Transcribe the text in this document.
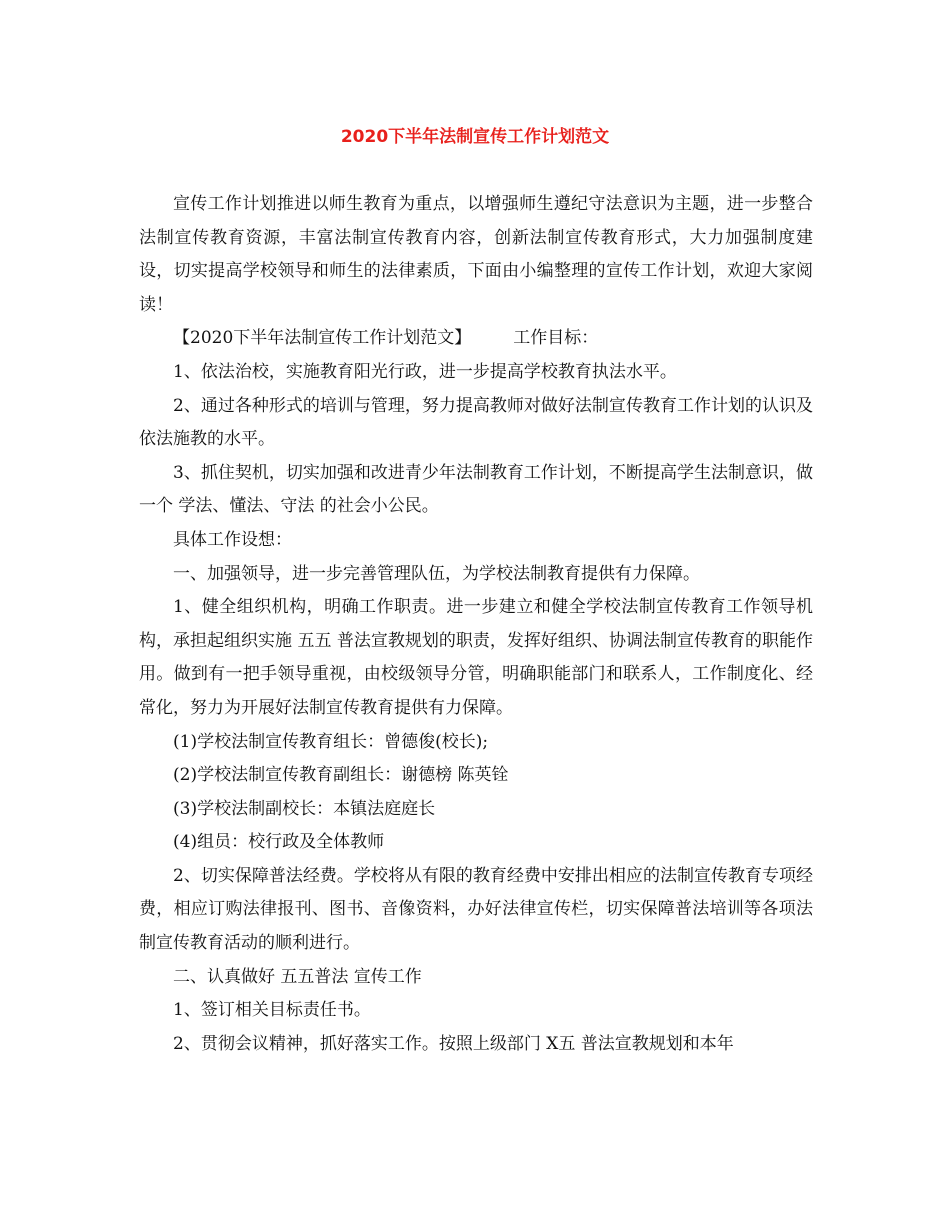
2020下半年法制宣传工作计划范文

宣传工作计划推进以师生教育为重点，以增强师生遵纪守法意识为主题，进一步整合法制宣传教育资源，丰富法制宣传教育内容，创新法制宣传教育形式，大力加强制度建设，切实提高学校领导和师生的法律素质，下面由小编整理的宣传工作计划，欢迎大家阅读！

【2020下半年法制宣传工作计划范文】 工作目标：

1、依法治校，实施教育阳光行政，进一步提高学校教育执法水平。

2、通过各种形式的培训与管理，努力提高教师对做好法制宣传教育工作计划的认识及依法施教的水平。

3、抓住契机，切实加强和改进青少年法制教育工作计划，不断提高学生法制意识，做一个 学法、懂法、守法 的社会小公民。

具体工作设想：

一、加强领导，进一步完善管理队伍，为学校法制教育提供有力保障。

1、健全组织机构，明确工作职责。进一步建立和健全学校法制宣传教育工作领导机构，承担起组织实施 五五 普法宣教规划的职责，发挥好组织、协调法制宣传教育的职能作用。做到有一把手领导重视，由校级领导分管，明确职能部门和联系人，工作制度化、经常化，努力为开展好法制宣传教育提供有力保障。

(1)学校法制宣传教育组长：曾德俊(校长);

(2)学校法制宣传教育副组长：谢德榜 陈英铨

(3)学校法制副校长：本镇法庭庭长

(4)组员：校行政及全体教师

2、切实保障普法经费。学校将从有限的教育经费中安排出相应的法制宣传教育专项经费，相应订购法律报刊、图书、音像资料，办好法律宣传栏，切实保障普法培训等各项法制宣传教育活动的顺利进行。

二、认真做好 五五普法 宣传工作

1、签订相关目标责任书。

2、贯彻会议精神，抓好落实工作。按照上级部门 X五 普法宣教规划和本年
